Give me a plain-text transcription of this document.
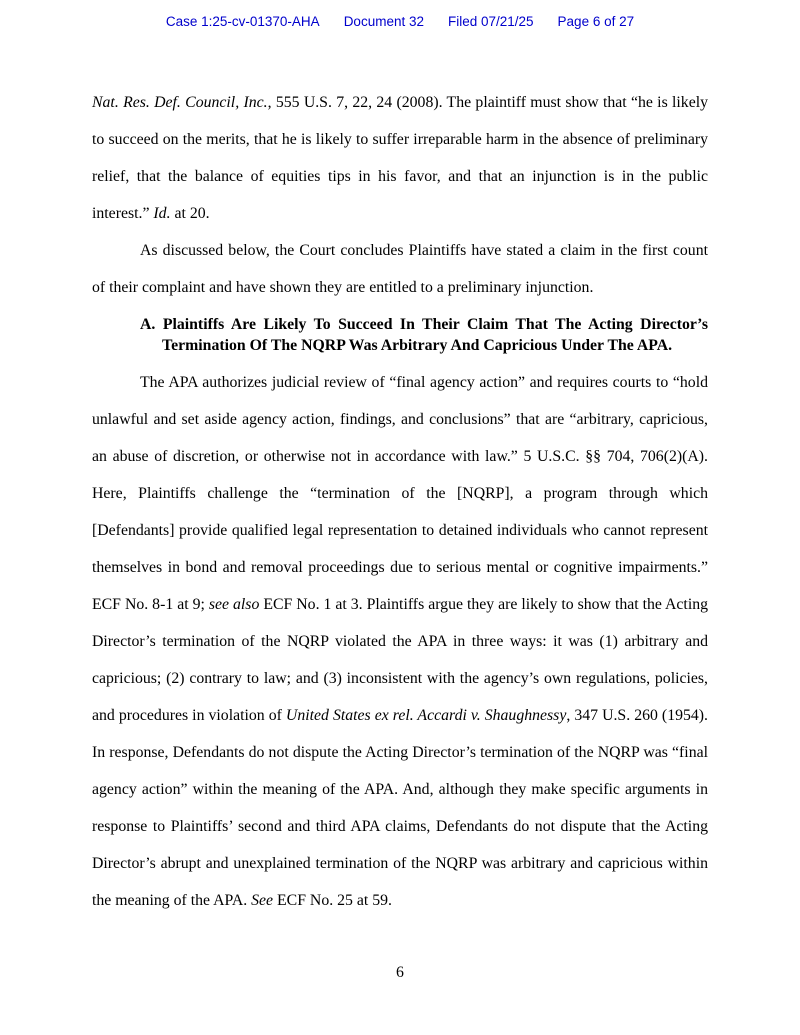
Case 1:25-cv-01370-AHA Document 32 Filed 07/21/25 Page 6 of 27

Nat. Res. Def. Council, Inc., 555 U.S. 7, 22, 24 (2008). The plaintiff must show that “he is likely to succeed on the merits, that he is likely to suffer irreparable harm in the absence of preliminary relief, that the balance of equities tips in his favor, and that an injunction is in the public interest.” Id. at 20.

As discussed below, the Court concludes Plaintiffs have stated a claim in the first count of their complaint and have shown they are entitled to a preliminary injunction.

A. Plaintiffs Are Likely To Succeed In Their Claim That The Acting Director’s Termination Of The NQRP Was Arbitrary And Capricious Under The APA.

The APA authorizes judicial review of “final agency action” and requires courts to “hold unlawful and set aside agency action, findings, and conclusions” that are “arbitrary, capricious, an abuse of discretion, or otherwise not in accordance with law.” 5 U.S.C. §§ 704, 706(2)(A). Here, Plaintiffs challenge the “termination of the [NQRP], a program through which [Defendants] provide qualified legal representation to detained individuals who cannot represent themselves in bond and removal proceedings due to serious mental or cognitive impairments.” ECF No. 8-1 at 9; see also ECF No. 1 at 3. Plaintiffs argue they are likely to show that the Acting Director’s termination of the NQRP violated the APA in three ways: it was (1) arbitrary and capricious; (2) contrary to law; and (3) inconsistent with the agency’s own regulations, policies, and procedures in violation of United States ex rel. Accardi v. Shaughnessy, 347 U.S. 260 (1954). In response, Defendants do not dispute the Acting Director’s termination of the NQRP was “final agency action” within the meaning of the APA. And, although they make specific arguments in response to Plaintiffs’ second and third APA claims, Defendants do not dispute that the Acting Director’s abrupt and unexplained termination of the NQRP was arbitrary and capricious within the meaning of the APA. See ECF No. 25 at 59.

6
